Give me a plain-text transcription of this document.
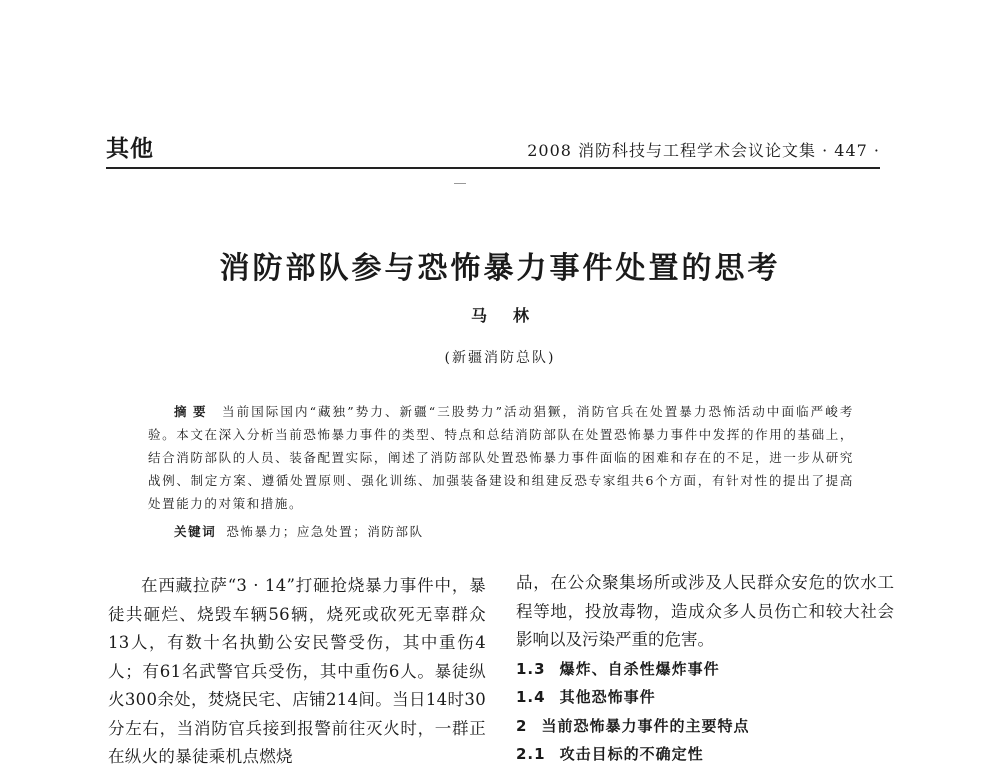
其他	2008 消防科技与工程学术会议论文集 · 447 ·
消防部队参与恐怖暴力事件处置的思考
马林
(新疆消防总队)
摘要 当前国际国内“藏独”势力、新疆“三股势力”活动猖獗，消防官兵在处置暴力恐怖活动中面临严峻考验。本文在深入分析当前恐怖暴力事件的类型、特点和总结消防部队在处置恐怖暴力事件中发挥的作用的基础上，结合消防部队的人员、装备配置实际，阐述了消防部队处置恐怖暴力事件面临的困难和存在的不足，进一步从研究战例、制定方案、遵循处置原则、强化训练、加强装备建设和组建反恐专家组共6个方面，有针对性的提出了提高处置能力的对策和措施。
关键词 恐怖暴力；应急处置；消防部队
在西藏拉萨“3 · 14”打砸抢烧暴力事件中，暴徒共砸烂、烧毁车辆56辆，烧死或砍死无辜群众13人，有数十名执勤公安民警受伤，其中重伤4人；有61名武警官兵受伤，其中重伤6人。暴徒纵火300余处，焚烧民宅、店铺214间。当日14时30分左右，当消防官兵接到报警前往灭火时，一群正在纵火的暴徒乘机点燃烧

品，在公众聚集场所或涉及人民群众安危的饮水工程等地，投放毒物，造成众多人员伤亡和较大社会影响以及污染严重的危害。

1.3 爆炸、自杀性爆炸事件

1.4 其他恐怖事件

2 当前恐怖暴力事件的主要特点

2.1 攻击目标的不确定性
